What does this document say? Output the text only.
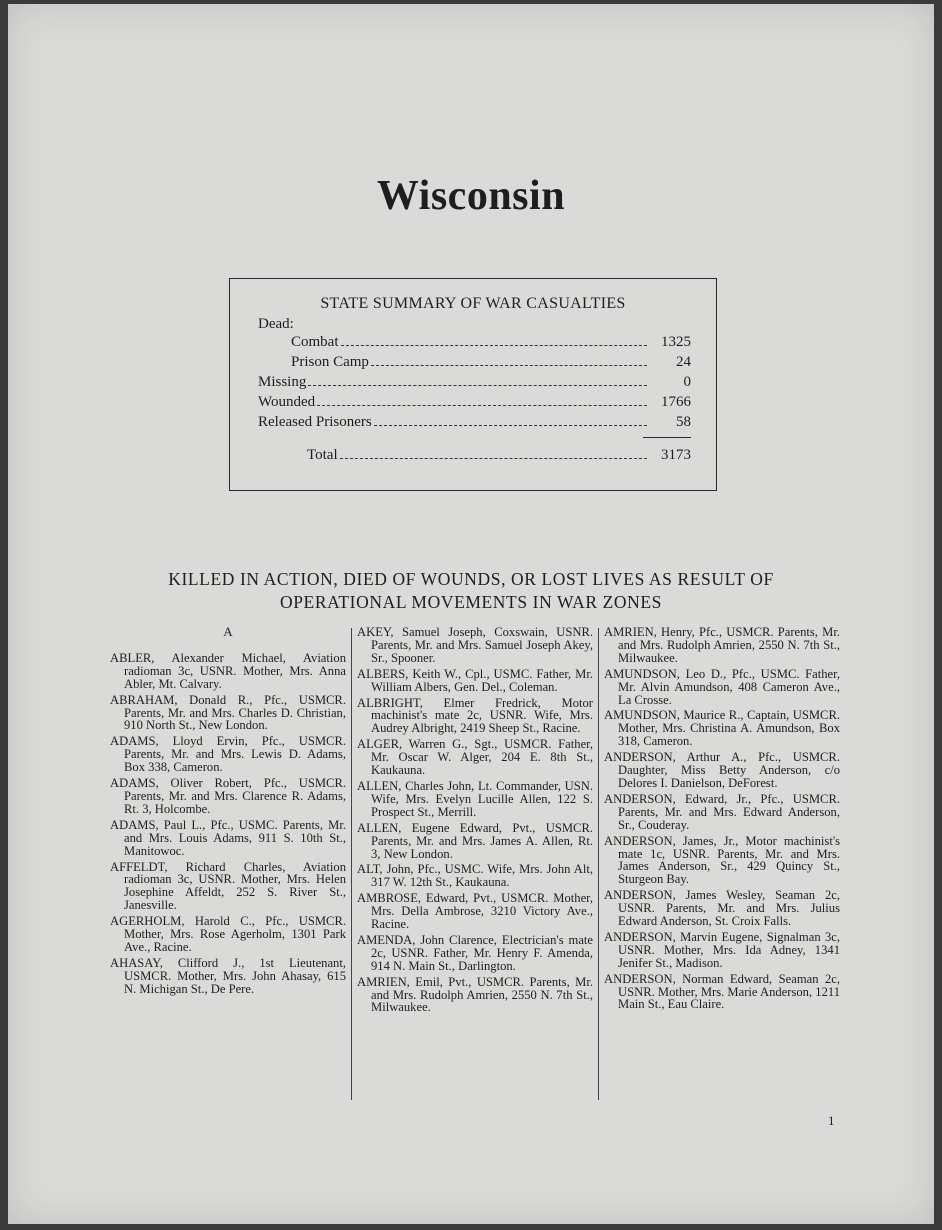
Wisconsin
STATE SUMMARY OF WAR CASUALTIES
Dead:
Combat	1325
Prison Camp	24
Missing	0
Wounded	1766
Released Prisoners	58
Total	3173
KILLED IN ACTION, DIED OF WOUNDS, OR LOST LIVES AS RESULT OF
OPERATIONAL MOVEMENTS IN WAR ZONES
A
ABLER, Alexander Michael, Aviation radioman 3c, USNR. Mother, Mrs. Anna Abler, Mt. Calvary.
ABRAHAM, Donald R., Pfc., USMCR. Parents, Mr. and Mrs. Charles D. Christian, 910 North St., New London.
ADAMS, Lloyd Ervin, Pfc., USMCR. Parents, Mr. and Mrs. Lewis D. Adams, Box 338, Cameron.
ADAMS, Oliver Robert, Pfc., USMCR. Parents, Mr. and Mrs. Clarence R. Adams, Rt. 3, Holcombe.
ADAMS, Paul L., Pfc., USMC. Parents, Mr. and Mrs. Louis Adams, 911 S. 10th St., Manitowoc.
AFFELDT, Richard Charles, Aviation radioman 3c, USNR. Mother, Mrs. Helen Josephine Affeldt, 252 S. River St., Janesville.
AGERHOLM, Harold C., Pfc., USMCR. Mother, Mrs. Rose Agerholm, 1301 Park Ave., Racine.
AHASAY, Clifford J., 1st Lieutenant, USMCR. Mother, Mrs. John Ahasay, 615 N. Michigan St., De Pere.
AKEY, Samuel Joseph, Coxswain, USNR. Parents, Mr. and Mrs. Samuel Joseph Akey, Sr., Spooner.
ALBERS, Keith W., Cpl., USMC. Father, Mr. William Albers, Gen. Del., Coleman.
ALBRIGHT, Elmer Fredrick, Motor machinist's mate 2c, USNR. Wife, Mrs. Audrey Albright, 2419 Sheep St., Racine.
ALGER, Warren G., Sgt., USMCR. Father, Mr. Oscar W. Alger, 204 E. 8th St., Kaukauna.
ALLEN, Charles John, Lt. Commander, USN. Wife, Mrs. Evelyn Lucille Allen, 122 S. Prospect St., Merrill.
ALLEN, Eugene Edward, Pvt., USMCR. Parents, Mr. and Mrs. James A. Allen, Rt. 3, New London.
ALT, John, Pfc., USMC. Wife, Mrs. John Alt, 317 W. 12th St., Kaukauna.
AMBROSE, Edward, Pvt., USMCR. Mother, Mrs. Della Ambrose, 3210 Victory Ave., Racine.
AMENDA, John Clarence, Electrician's mate 2c, USNR. Father, Mr. Henry F. Amenda, 914 N. Main St., Darlington.
AMRIEN, Emil, Pvt., USMCR. Parents, Mr. and Mrs. Rudolph Amrien, 2550 N. 7th St., Milwaukee.
AMRIEN, Henry, Pfc., USMCR. Parents, Mr. and Mrs. Rudolph Amrien, 2550 N. 7th St., Milwaukee.
AMUNDSON, Leo D., Pfc., USMC. Father, Mr. Alvin Amundson, 408 Cameron Ave., La Crosse.
AMUNDSON, Maurice R., Captain, USMCR. Mother, Mrs. Christina A. Amundson, Box 318, Cameron.
ANDERSON, Arthur A., Pfc., USMCR. Daughter, Miss Betty Anderson, c/o Delores I. Danielson, DeForest.
ANDERSON, Edward, Jr., Pfc., USMCR. Parents, Mr. and Mrs. Edward Anderson, Sr., Couderay.
ANDERSON, James, Jr., Motor machinist's mate 1c, USNR. Parents, Mr. and Mrs. James Anderson, Sr., 429 Quincy St., Sturgeon Bay.
ANDERSON, James Wesley, Seaman 2c, USNR. Parents, Mr. and Mrs. Julius Edward Anderson, St. Croix Falls.
ANDERSON, Marvin Eugene, Signalman 3c, USNR. Mother, Mrs. Ida Adney, 1341 Jenifer St., Madison.
ANDERSON, Norman Edward, Seaman 2c, USNR. Mother, Mrs. Marie Anderson, 1211 Main St., Eau Claire.
1
